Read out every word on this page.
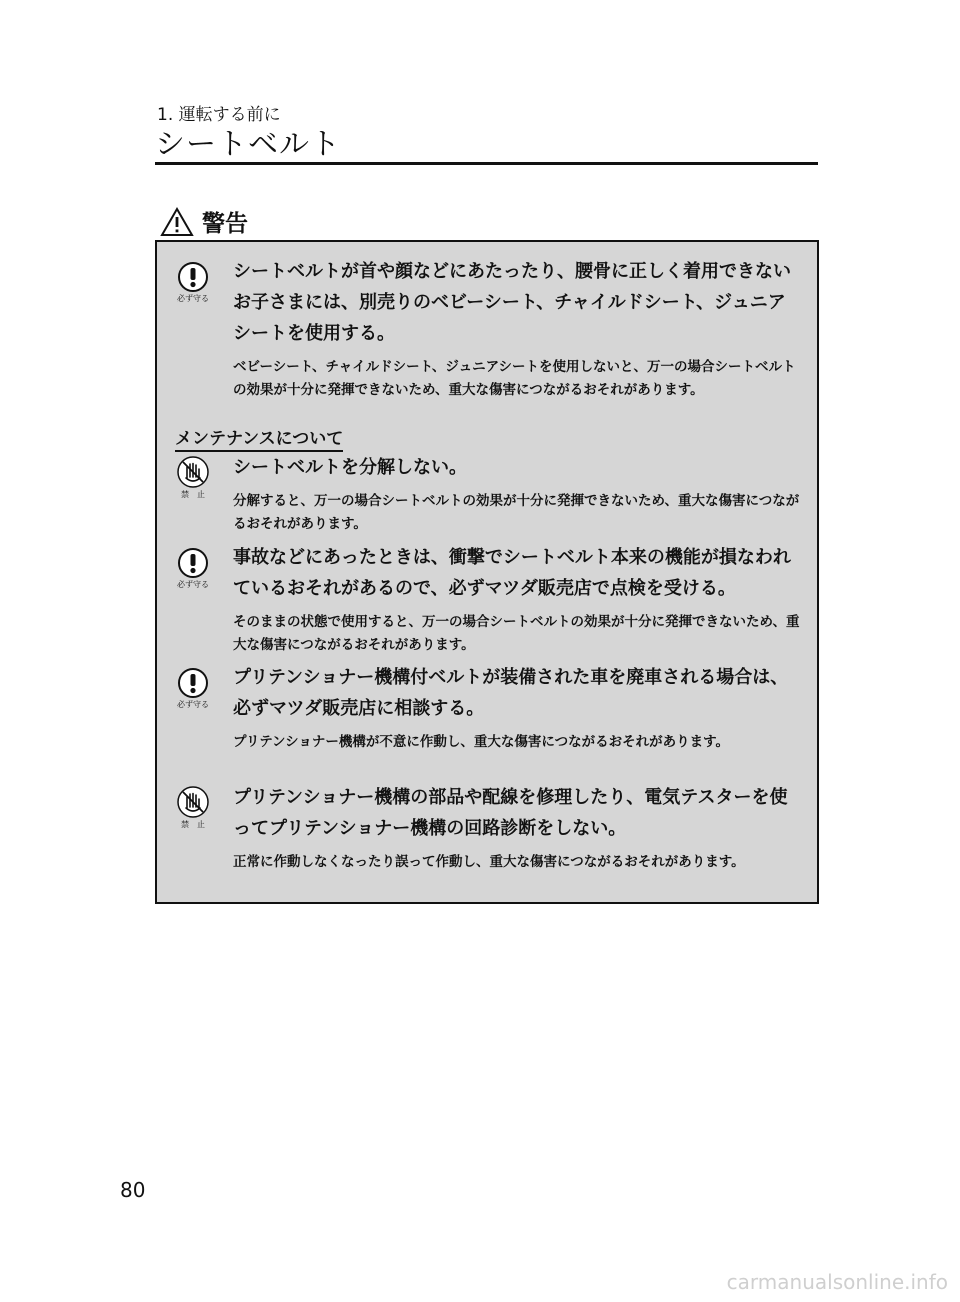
1. 運転する前に
シートベルト
警告
必ず守る

シートベルトが首や顔などにあたったり、腰骨に正しく着用できないお子さまには、別売りのベビーシート、チャイルドシート、ジュニアシートを使用する。

ベビーシート、チャイルドシート、ジュニアシートを使用しないと、万一の場合シートベルトの効果が十分に発揮できないため、重大な傷害につながるおそれがあります。

メンテナンスについて
禁　止

シートベルトを分解しない。

分解すると、万一の場合シートベルトの効果が十分に発揮できないため、重大な傷害につながるおそれがあります。

必ず守る

事故などにあったときは、衝撃でシートベルト本来の機能が損なわれているおそれがあるので、必ずマツダ販売店で点検を受ける。

そのままの状態で使用すると、万一の場合シートベルトの効果が十分に発揮できないため、重大な傷害につながるおそれがあります。

必ず守る

プリテンショナー機構付ベルトが装備された車を廃車される場合は、必ずマツダ販売店に相談する。

プリテンショナー機構が不意に作動し、重大な傷害につながるおそれがあります。

禁　止

プリテンショナー機構の部品や配線を修理したり、電気テスターを使ってプリテンショナー機構の回路診断をしない。

正常に作動しなくなったり誤って作動し、重大な傷害につながるおそれがあります。

80
carmanualsonline.info
